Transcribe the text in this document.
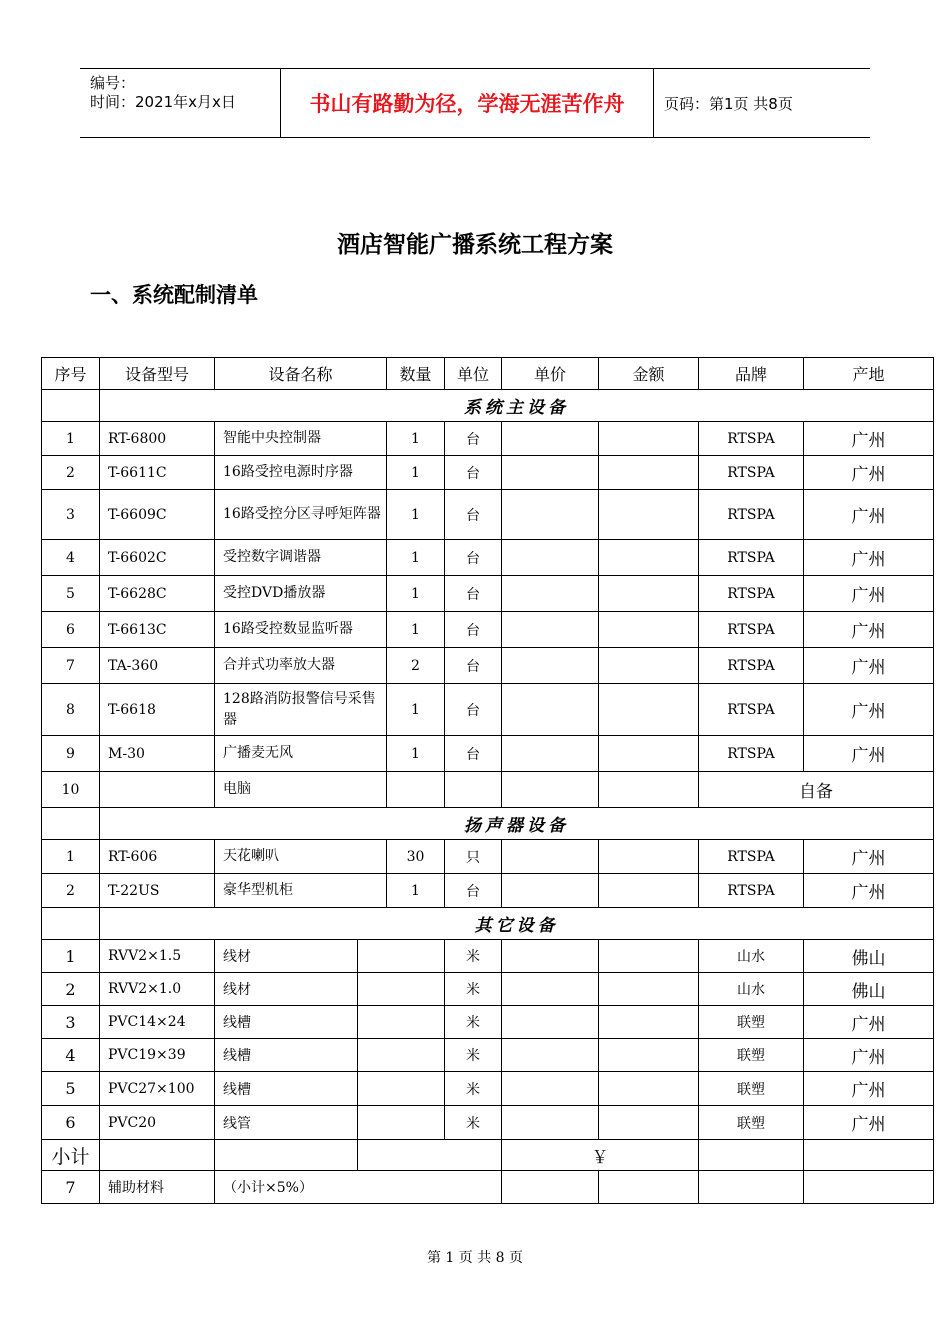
编号：
时间：2021年x月x日	书山有路勤为径，学海无涯苦作舟	页码：第1页 共8页
酒店智能广播系统工程方案
一、系统配制清单
序号	设备型号	设备名称		数量	单位	单价	金额	品牌	产地
	系统主设备								
1	RT-6800	智能中央控制器		1	台			RTSPA	广州
2	T-6611C	16路受控电源时序器		1	台			RTSPA	广州
3	T-6609C	16路受控分区寻呼矩阵器		1	台			RTSPA	广州
4	T-6602C	受控数字调谐器		1	台			RTSPA	广州
5	T-6628C	受控DVD播放器		1	台			RTSPA	广州
6	T-6613C	16路受控数显监听器		1	台			RTSPA	广州
7	TA-360	合并式功率放大器		2	台			RTSPA	广州
8	T-6618	128路消防报警信号采售器		1	台			RTSPA	广州
9	M-30	广播麦无风		1	台			RTSPA	广州
10		电脑						自备	
	扬声器设备								
1	RT-606	天花喇叭		30	只			RTSPA	广州
2	T-22US	豪华型机柜		1	台			RTSPA	广州
	其它设备								
1	RVV2×1.5	线材			米			山水	佛山
2	RVV2×1.0	线材			米			山水	佛山
3	PVC14×24	线槽			米			联塑	广州
4	PVC19×39	线槽			米			联塑	广州
5	PVC27×100	线槽			米			联塑	广州
6	PVC20	线管			米			联塑	广州
小计						￥			
7	辅助材料	（小计×5%）							
第 1 页 共 8 页
